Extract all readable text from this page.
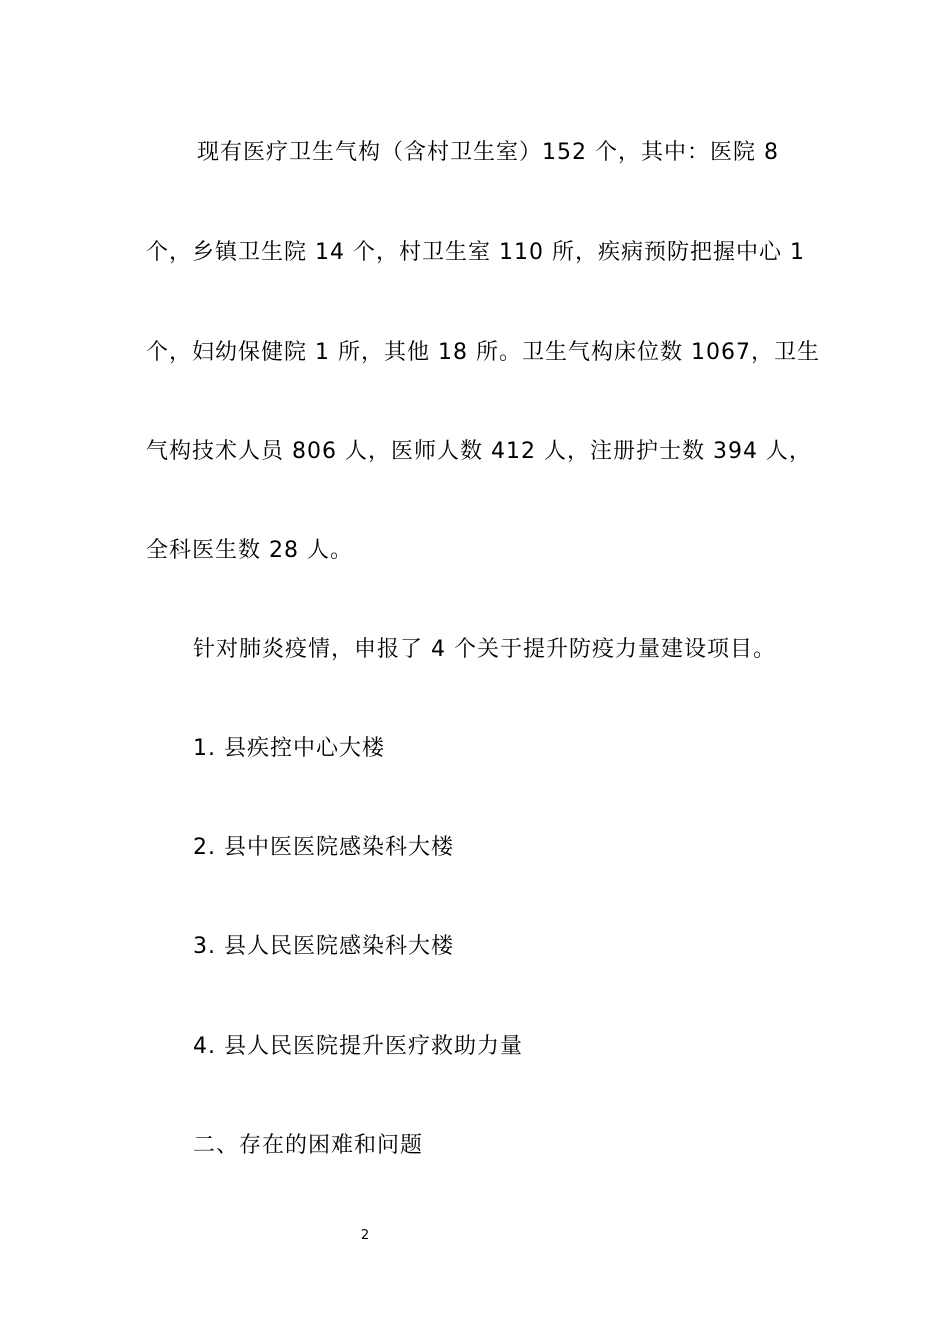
现有医疗卫生气构（含村卫生室）152 个，其中：医院 8
个，乡镇卫生院 14 个，村卫生室 110 所，疾病预防把握中心 1
个，妇幼保健院 1 所，其他 18 所。卫生气构床位数 1067，卫生
气构技术人员 806 人，医师人数 412 人，注册护士数 394 人，
全科医生数 28 人。
针对肺炎疫情，申报了 4 个关于提升防疫力量建设项目。
1. 县疾控中心大楼
2. 县中医医院感染科大楼
3. 县人民医院感染科大楼
4. 县人民医院提升医疗救助力量
二、存在的困难和问题
2
